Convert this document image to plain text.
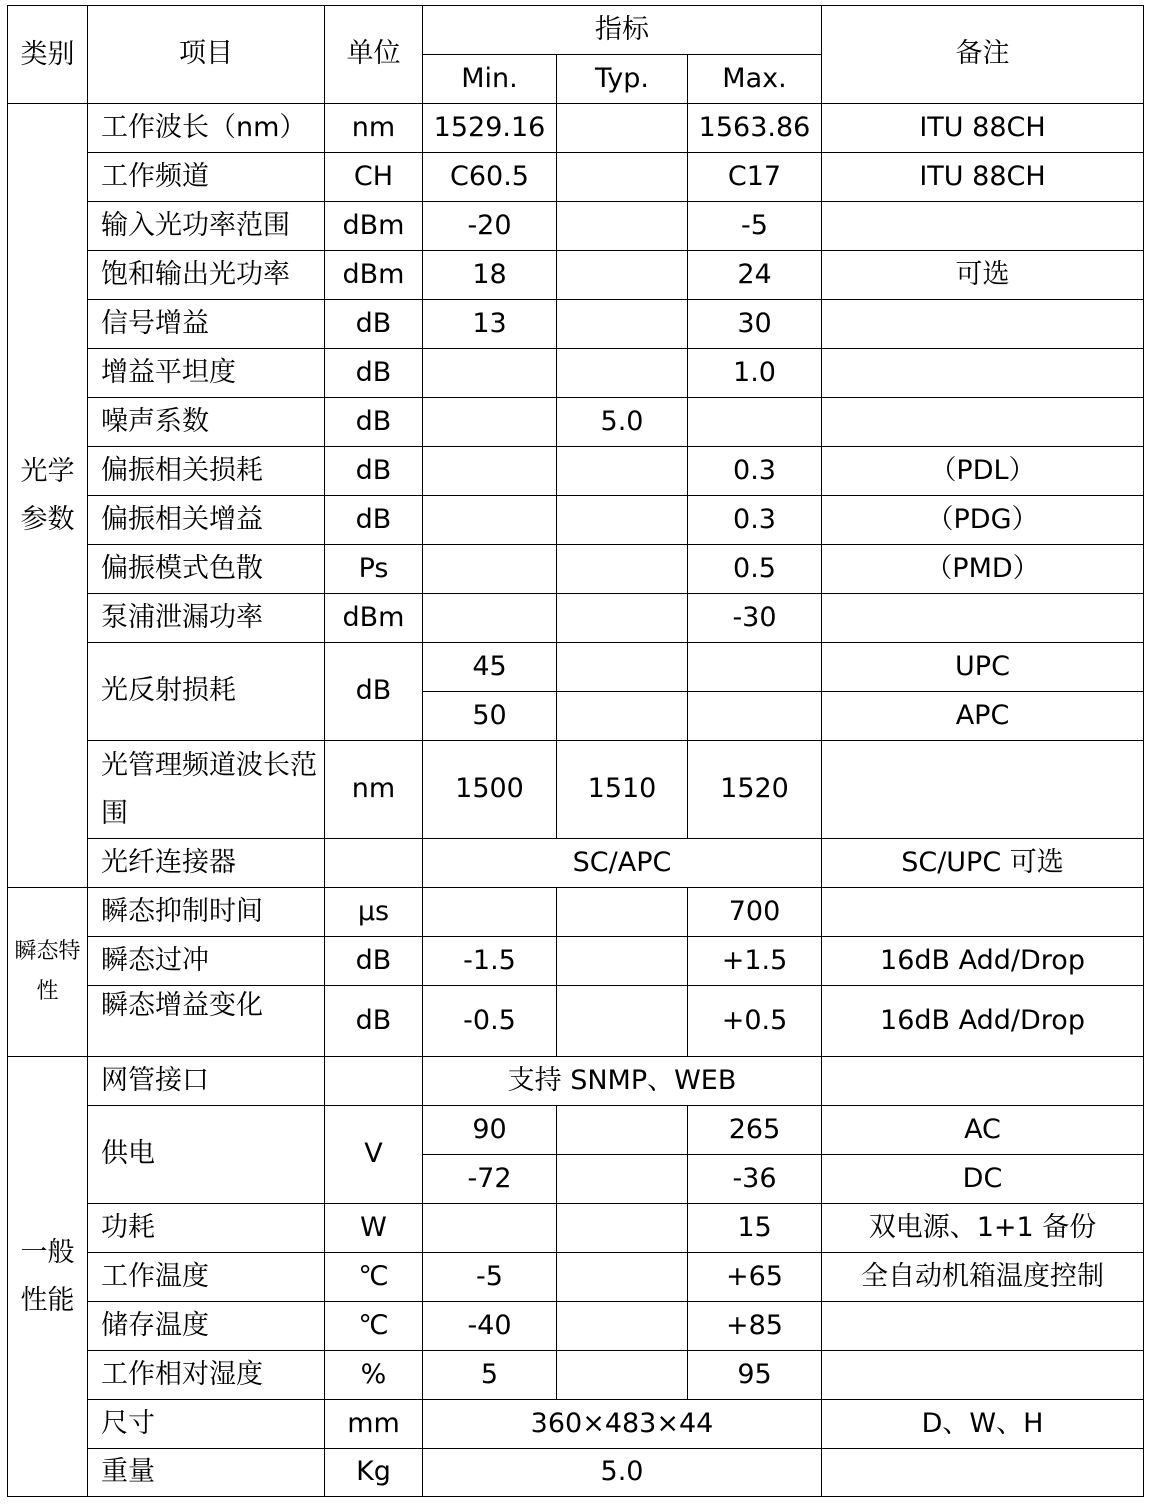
类别	项目	单位	指标			备注
			Min.	Typ.	Max.	
光学参数	工作波长（nm）	nm	1529.16		1563.86	ITU 88CH
	工作频道	CH	C60.5		C17	ITU 88CH
	输入光功率范围	dBm	-20		-5	
	饱和输出光功率	dBm	18		24	可选
	信号增益	dB	13		30	
	增益平坦度	dB			1.0	
	噪声系数	dB		5.0		
	偏振相关损耗	dB			0.3	（PDL）
	偏振相关增益	dB			0.3	（PDG）
	偏振模式色散	Ps			0.5	（PMD）
	泵浦泄漏功率	dBm			-30	
	光反射损耗	dB	45			UPC
			50			APC
	光管理频道波长范围	nm	1500	1510	1520	
	光纤连接器		SC/APC			SC/UPC 可选
瞬态特性	瞬态抑制时间	μs			700	
	瞬态过冲	dB	-1.5		+1.5	16dB Add/Drop
	瞬态增益变化	dB	-0.5		+0.5	16dB Add/Drop
一般性能	网管接口		支持 SNMP、WEB			
	供电	V	90		265	AC
			-72		-36	DC
	功耗	W			15	双电源、1+1 备份
	工作温度	℃	-5		+65	全自动机箱温度控制
	储存温度	℃	-40		+85	
	工作相对湿度	%	5		95	
	尺寸	mm	360×483×44			D、W、H
	重量	Kg	5.0			
